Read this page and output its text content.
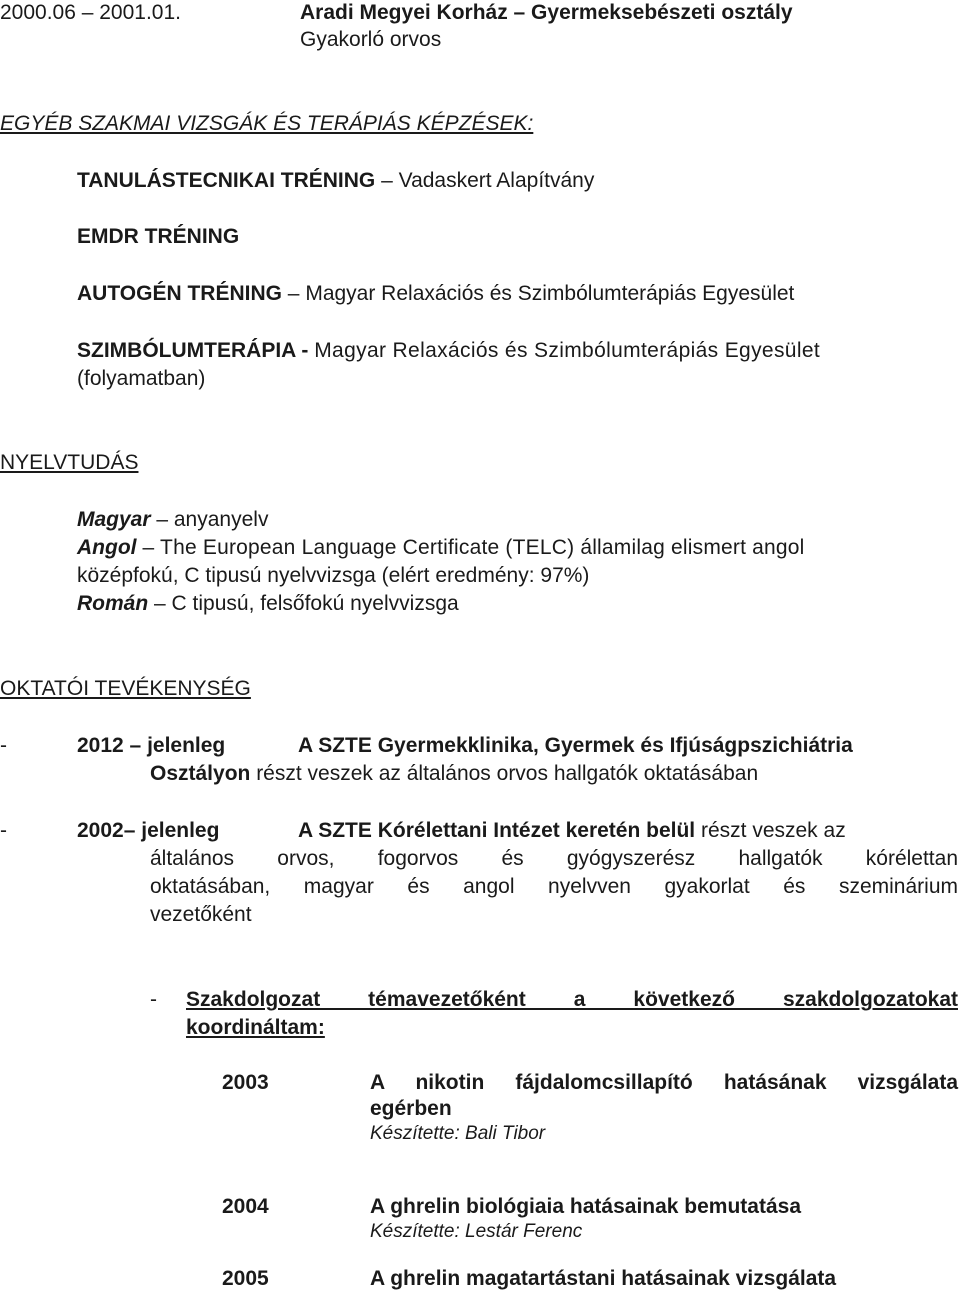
2000.06 – 2001.01.	Aradi Megyei Korház – Gyermeksebészeti osztály
Gyakorló orvos
EGYÉB SZAKMAI VIZSGÁK ÉS TERÁPIÁS KÉPZÉSEK:
TANULÁSTECNIKAI TRÉNING – Vadaskert Alapítvány
EMDR TRÉNING
AUTOGÉN TRÉNING – Magyar Relaxációs és Szimbólumterápiás Egyesület
SZIMBÓLUMTERÁPIA - Magyar Relaxációs és Szimbólumterápiás Egyesület
(folyamatban)
NYELVTUDÁS
Magyar – anyanyelv
Angol – The European Language Certificate (TELC) államilag elismert angol
középfokú, C tipusú nyelvvizsga (elért eredmény: 97%)
Román – C tipusú, felsőfokú nyelvvizsga
OKTATÓI TEVÉKENYSÉG
-	2012 – jelenleg	A SZTE Gyermekklinika, Gyermek és Ifjúságpszichiátria
Osztályon részt veszek az általános orvos hallgatók oktatásában
-	2002– jelenleg	A SZTE Kórélettani Intézet keretén belül részt veszek az
általános orvos, fogorvos és gyógyszerész hallgatók kórélettan
oktatásában, magyar és angol nyelvven gyakorlat és szeminárium
vezetőként
- Szakdolgozat témavezetőként a következő szakdolgozatokat
koordináltam:
2003	A nikotin fájdalomcsillapító hatásának vizsgálata
egérben
Készítette: Bali Tibor
2004	A ghrelin biológiaia hatásainak bemutatása
Készítette: Lestár Ferenc
2005	A ghrelin magatartástani hatásainak vizsgálata
